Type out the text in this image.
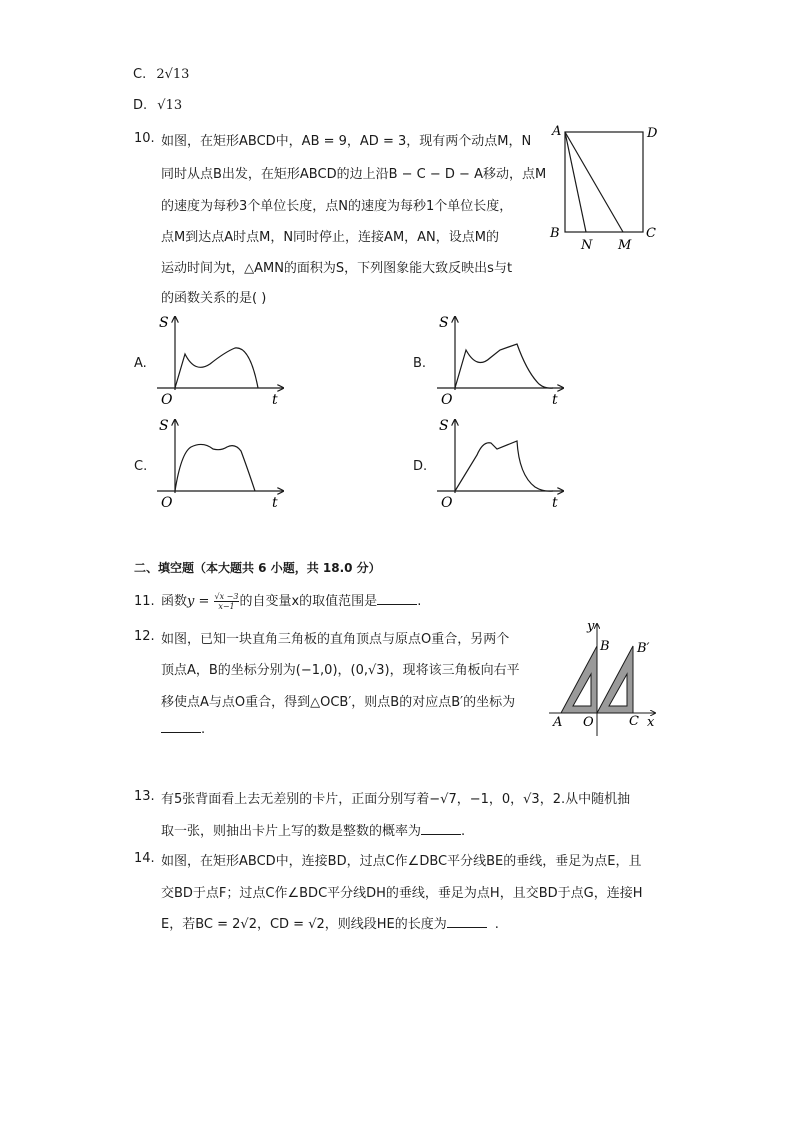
C. 2√13
D. √13
10. 如图，在矩形ABCD中，AB = 9，AD = 3，现有两个动点M，N
同时从点B出发，在矩形ABCD的边上沿B − C − D − A移动，点M
的速度为每秒3个单位长度，点N的速度为每秒1个单位长度，
点M到达点A时点M，N同时停止，连接AM，AN，设点M的
运动时间为t，△AMN的面积为S，下列图象能大致反映出s与t
的函数关系的是( )
A	D
B	C
N M
A.
S
O	t
B.
S
O	t
C.
S
O	t
D.
S
O	t
二、填空题（本大题共 6 小题，共 18.0 分）
11. 函数$y = \frac{√x -3}{x-1}$ 的自变量x的取值范围是	.
12. 如图，已知一块直角三角板的直角顶点与原点O重合，另两个
顶点A，B的坐标分别为(−1,0)，(0,√3)，现将该三角板向右平
移使点A与点O重合，得到△OCB′，则点B的对应点B′的坐标为
.
y
B B′
A O	C x
13. 有5张背面看上去无差别的卡片，正面分别写着−√7，−1，0，√3，2.从中随机抽
取一张，则抽出卡片上写的数是整数的概率为	.
14. 如图，在矩形ABCD中，连接BD，过点C作∠DBC平分线BE的垂线，垂足为点E，且
交BD于点F；过点C作∠BDC平分线DH的垂线，垂足为点H，且交BD于点G，连接H
E，若BC = 2√2，CD = √2，则线段HE的长度为	.
